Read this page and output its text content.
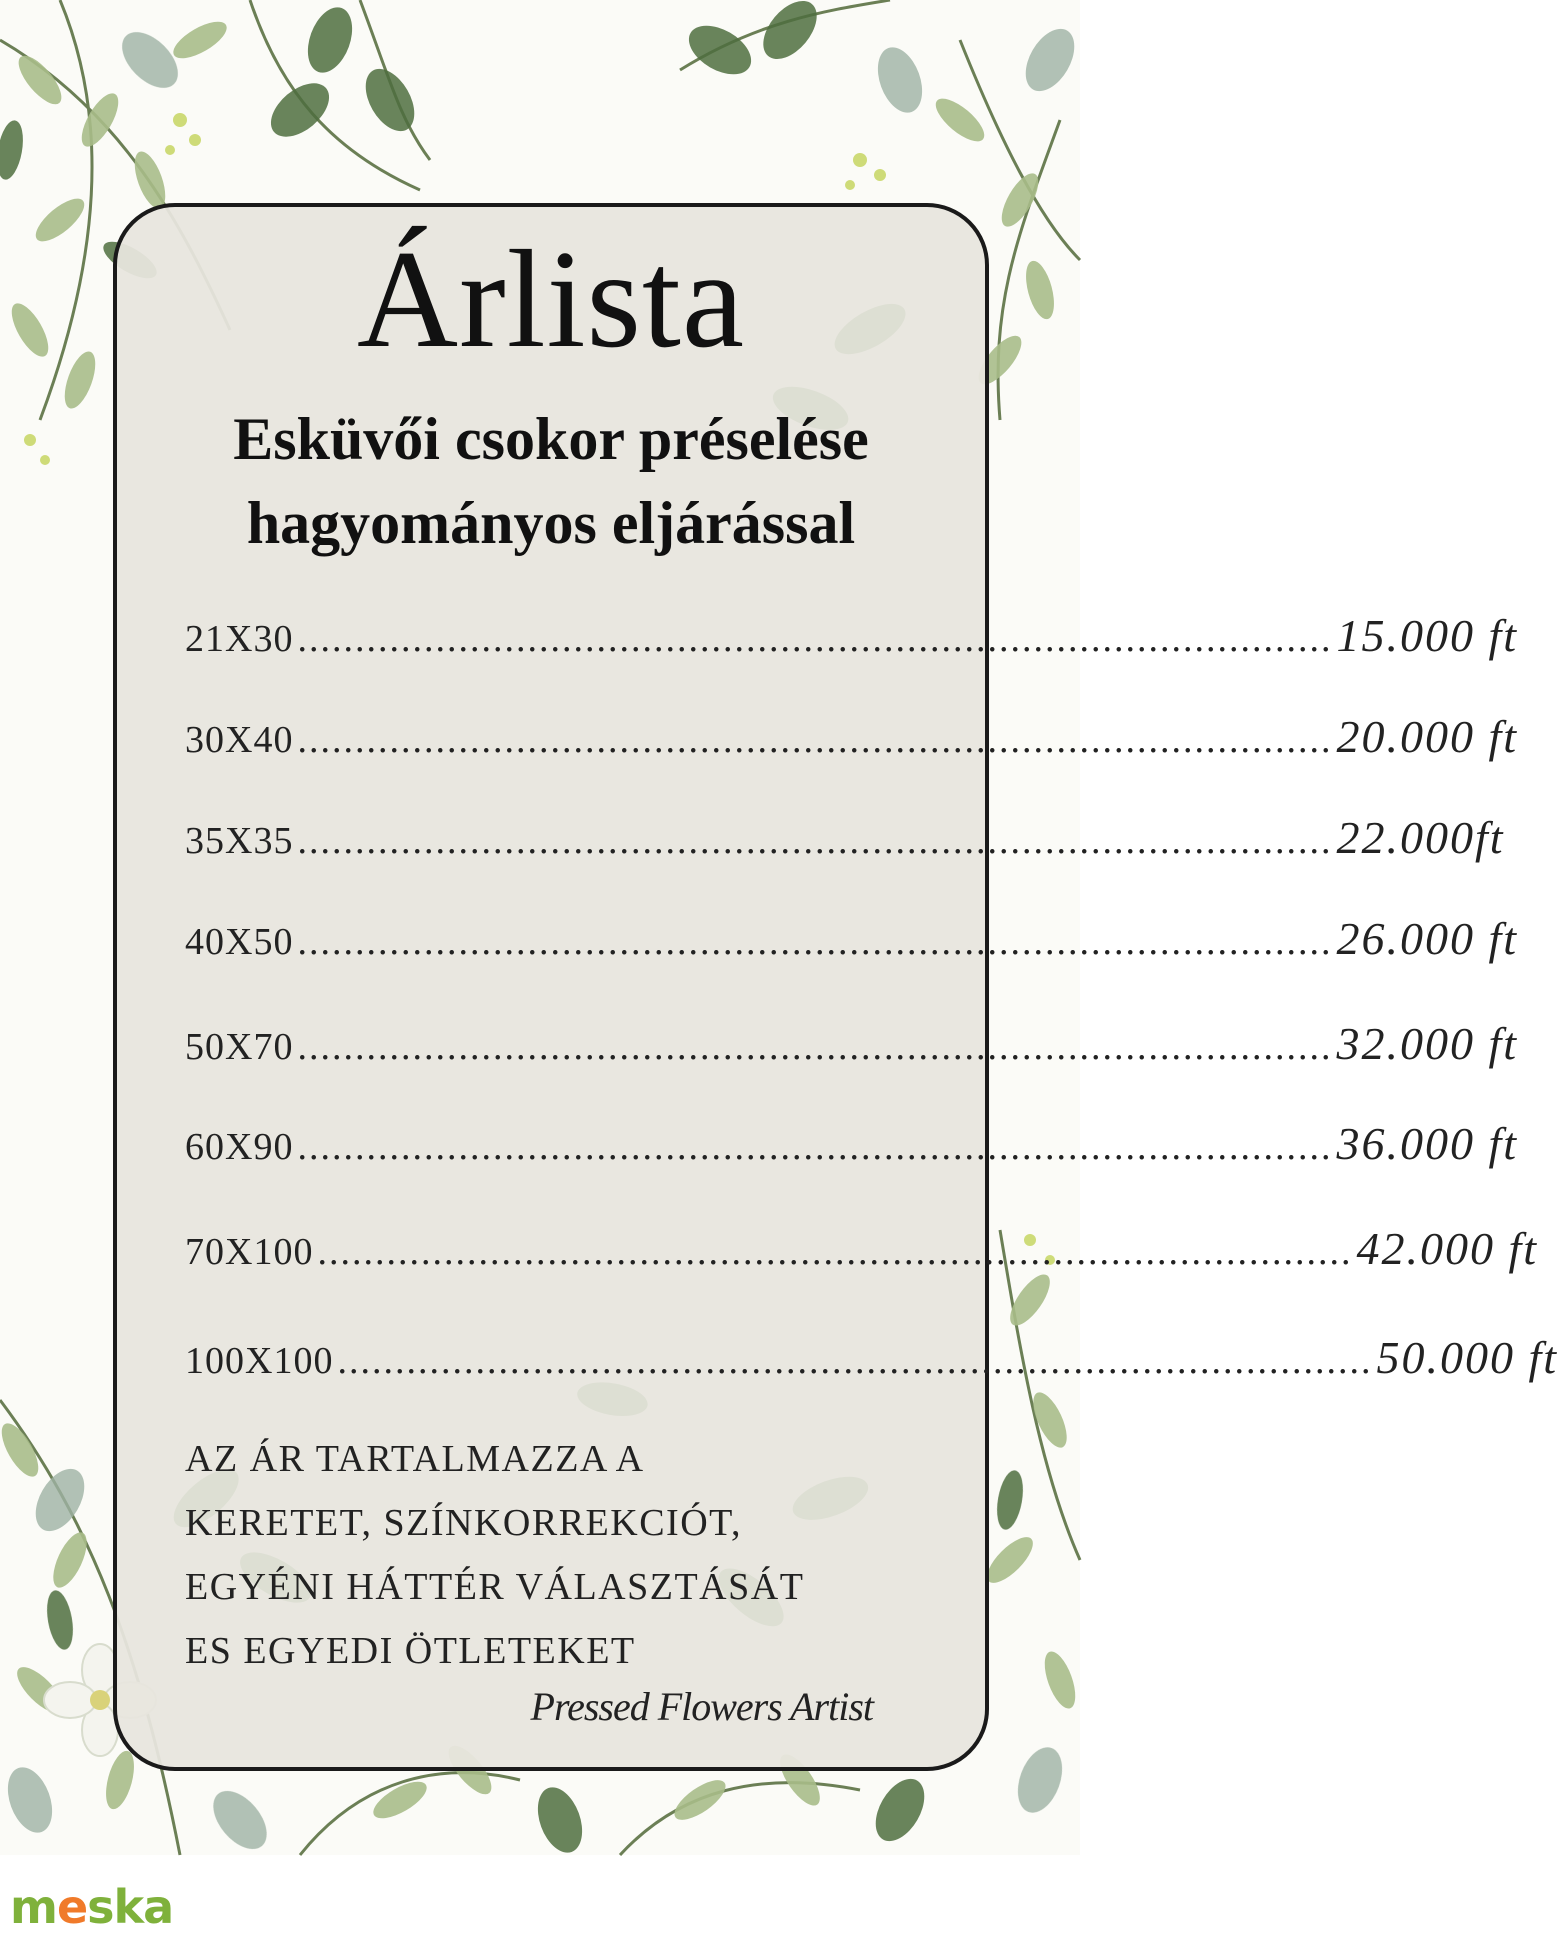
Árlista
Esküvői csokor préselése
hagyományos eljárással
21X30 .......................................................................................... 15.000 ft
30X40 .......................................................................................... 20.000 ft
35X35 .......................................................................................... 22.000ft
40X50 .......................................................................................... 26.000 ft
50X70 .......................................................................................... 32.000 ft
60X90 .......................................................................................... 36.000 ft
70X100 .......................................................................................... 42.000 ft
100X100 .......................................................................................... 50.000 ft
AZ ÁR TARTALMAZZA A
KERETET, SZÍNKORREKCIÓT,
EGYÉNI HÁTTÉR VÁLASZTÁSÁT
ES EGYEDI ÖTLETEKET
Pressed Flowers Artist
meska
